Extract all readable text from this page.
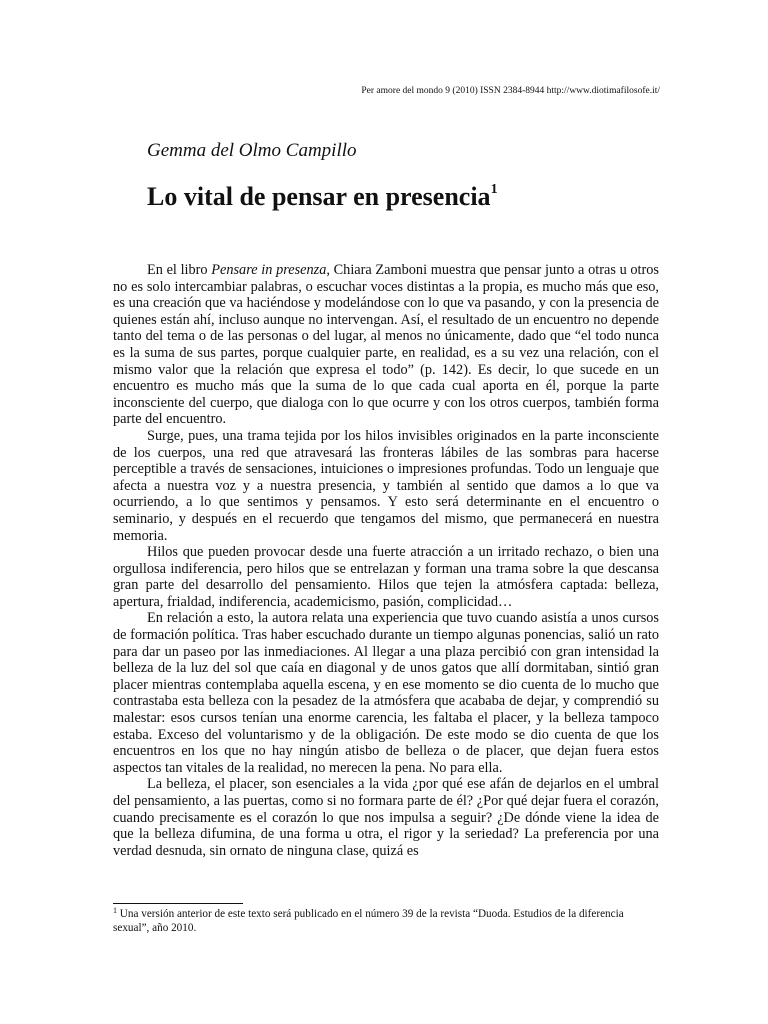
Per amore del mondo 9 (2010) ISSN 2384-8944 http://www.diotimafilosofe.it/
Gemma del Olmo Campillo
Lo vital de pensar en presencia$^1$

En el libro Pensare in presenza, Chiara Zamboni muestra que pensar junto a otras u otros no es solo intercambiar palabras, o escuchar voces distintas a la propia, es mucho más que eso, es una creación que va haciéndose y modelándose con lo que va pasando, y con la presencia de quienes están ahí, incluso aunque no intervengan. Así, el resultado de un encuentro no depende tanto del tema o de las personas o del lugar, al menos no únicamente, dado que “el todo nunca es la suma de sus partes, porque cualquier parte, en realidad, es a su vez una relación, con el mismo valor que la relación que expresa el todo” (p. 142). Es decir, lo que sucede en un encuentro es mucho más que la suma de lo que cada cual aporta en él, porque la parte inconsciente del cuerpo, que dialoga con lo que ocurre y con los otros cuerpos, también forma parte del encuentro.

Surge, pues, una trama tejida por los hilos invisibles originados en la parte inconsciente de los cuerpos, una red que atravesará las fronteras lábiles de las sombras para hacerse perceptible a través de sensaciones, intuiciones o impresiones profundas. Todo un lenguaje que afecta a nuestra voz y a nuestra presencia, y también al sentido que damos a lo que va ocurriendo, a lo que sentimos y pensamos. Y esto será determinante en el encuentro o seminario, y después en el recuerdo que tengamos del mismo, que permanecerá en nuestra memoria.

Hilos que pueden provocar desde una fuerte atracción a un irritado rechazo, o bien una orgullosa indiferencia, pero hilos que se entrelazan y forman una trama sobre la que descansa gran parte del desarrollo del pensamiento. Hilos que tejen la atmósfera captada: belleza, apertura, frialdad, indiferencia, academicismo, pasión, complicidad…

En relación a esto, la autora relata una experiencia que tuvo cuando asistía a unos cursos de formación política. Tras haber escuchado durante un tiempo algunas ponencias, salió un rato para dar un paseo por las inmediaciones. Al llegar a una plaza percibió con gran intensidad la belleza de la luz del sol que caía en diagonal y de unos gatos que allí dormitaban, sintió gran placer mientras contemplaba aquella escena, y en ese momento se dio cuenta de lo mucho que contrastaba esta belleza con la pesadez de la atmósfera que acababa de dejar, y comprendió su malestar: esos cursos tenían una enorme carencia, les faltaba el placer, y la belleza tampoco estaba. Exceso del voluntarismo y de la obligación. De este modo se dio cuenta de que los encuentros en los que no hay ningún atisbo de belleza o de placer, que dejan fuera estos aspectos tan vitales de la realidad, no merecen la pena. No para ella.

La belleza, el placer, son esenciales a la vida ¿por qué ese afán de dejarlos en el umbral del pensamiento, a las puertas, como si no formara parte de él? ¿Por qué dejar fuera el corazón, cuando precisamente es el corazón lo que nos impulsa a seguir? ¿De dónde viene la idea de que la belleza difumina, de una forma u otra, el rigor y la seriedad? La preferencia por una verdad desnuda, sin ornato de ninguna clase, quizá es

$^1$ Una versión anterior de este texto será publicado en el número 39 de la revista “Duoda. Estudios de la diferencia sexual”, año 2010.
